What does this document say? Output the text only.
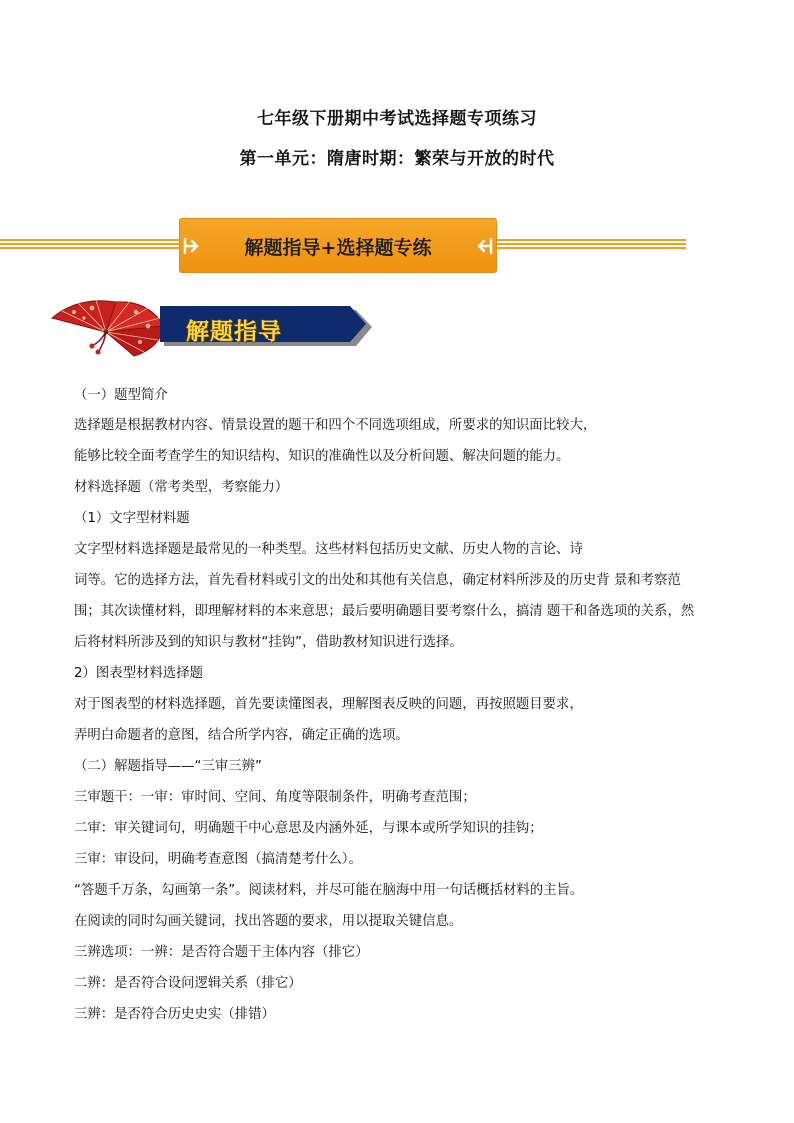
七年级下册期中考试选择题专项练习
第一单元：隋唐时期：繁荣与开放的时代
解题指导+选择题专练
解题指导
（一）题型简介
选择题是根据教材内容、情景设置的题干和四个不同选项组成，所要求的知识面比较大，
能够比较全面考查学生的知识结构、知识的准确性以及分析问题、解决问题的能力。
材料选择题（常考类型，考察能力）
（1）文字型材料题
文字型材料选择题是最常见的一种类型。这些材料包括历史文献、历史人物的言论、诗
词等。它的选择方法，首先看材料或引文的出处和其他有关信息，确定材料所涉及的历史背 景和考察范
围；其次读懂材料，即理解材料的本来意思；最后要明确题目要考察什么，搞清 题干和备选项的关系，然
后将材料所涉及到的知识与教材“挂钩”，借助教材知识进行选择。
2）图表型材料选择题
对于图表型的材料选择题，首先要读懂图表，理解图表反映的问题，再按照题目要求，
弄明白命题者的意图，结合所学内容，确定正确的选项。
（二）解题指导——“三审三辨”
三审题干：一审：审时间、空间、角度等限制条件，明确考查范围；
二审：审关键词句，明确题干中心意思及内涵外延，与课本或所学知识的挂钩；
三审：审设问，明确考查意图（搞清楚考什么）。
“答题千万条，勾画第一条”。阅读材料，并尽可能在脑海中用一句话概括材料的主旨。
在阅读的同时勾画关键词，找出答题的要求，用以提取关键信息。
三辨选项：一辨：是否符合题干主体内容（排它）
二辨：是否符合设问逻辑关系（排它）
三辨：是否符合历史史实（排错）
